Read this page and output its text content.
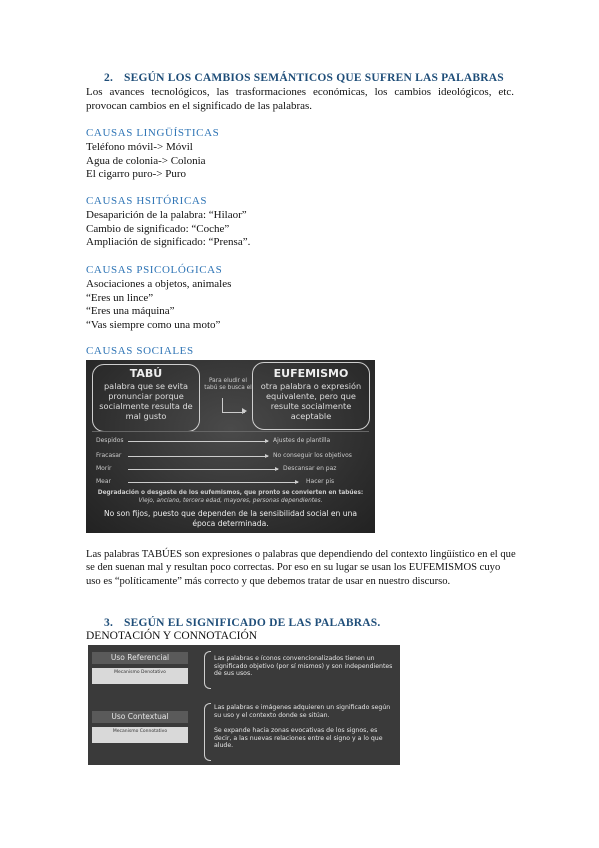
2. SEGÚN LOS CAMBIOS SEMÁNTICOS QUE SUFREN LAS PALABRAS
Los avances tecnológicos, las trasformaciones económicas, los cambios ideológicos, etc. provocan cambios en el significado de las palabras.
CAUSAS LINGÜÍSTICAS
Teléfono móvil-> Móvil
Agua de colonia-> Colonia
El cigarro puro-> Puro
CAUSAS HSITÓRICAS
Desaparición de la palabra: “Hilaor”
Cambio de significado: “Coche”
Ampliación de significado: “Prensa”.
CAUSAS PSICOLÓGICAS
Asociaciones a objetos, animales
“Eres un lince”
“Eres una máquina”
“Vas siempre como una moto”
CAUSAS SOCIALES
TABÚ
palabra que se evita pronunciar porque socialmente resulta de mal gusto
Para eludir el tabú se busca el
EUFEMISMO
otra palabra o expresión equivalente, pero que resulte socialmente aceptable
Despidos	Ajustes de plantilla
Fracasar	No conseguir los objetivos
Morir	Descansar en paz
Mear	Hacer pis
Degradación o desgaste de los eufemismos, que pronto se convierten en tabúes:
Viejo, anciano, tercera edad, mayores, personas dependientes.
No son fijos, puesto que dependen de la sensibilidad social en una época determinada.
Las palabras TABÚES son expresiones o palabras que dependiendo del contexto lingüístico en el que se den suenan mal y resultan poco correctas. Por eso en su lugar se usan los EUFEMISMOS cuyo uso es “políticamente” más correcto y que debemos tratar de usar en nuestro discurso.
3. SEGÚN EL SIGNIFICADO DE LAS PALABRAS.
DENOTACIÓN Y CONNOTACIÓN
Uso Referencial
Mecanismo Denotativo
Las palabras e íconos convencionalizados tienen un significado objetivo (por sí mismos) y son independientes de sus usos.
Uso Contextual
Mecanismo Connotativo
Las palabras e imágenes adquieren un significado según su uso y el contexto donde se sitúan.
Se expande hacia zonas evocativas de los signos, es decir, a las nuevas relaciones entre el signo y a lo que alude.
